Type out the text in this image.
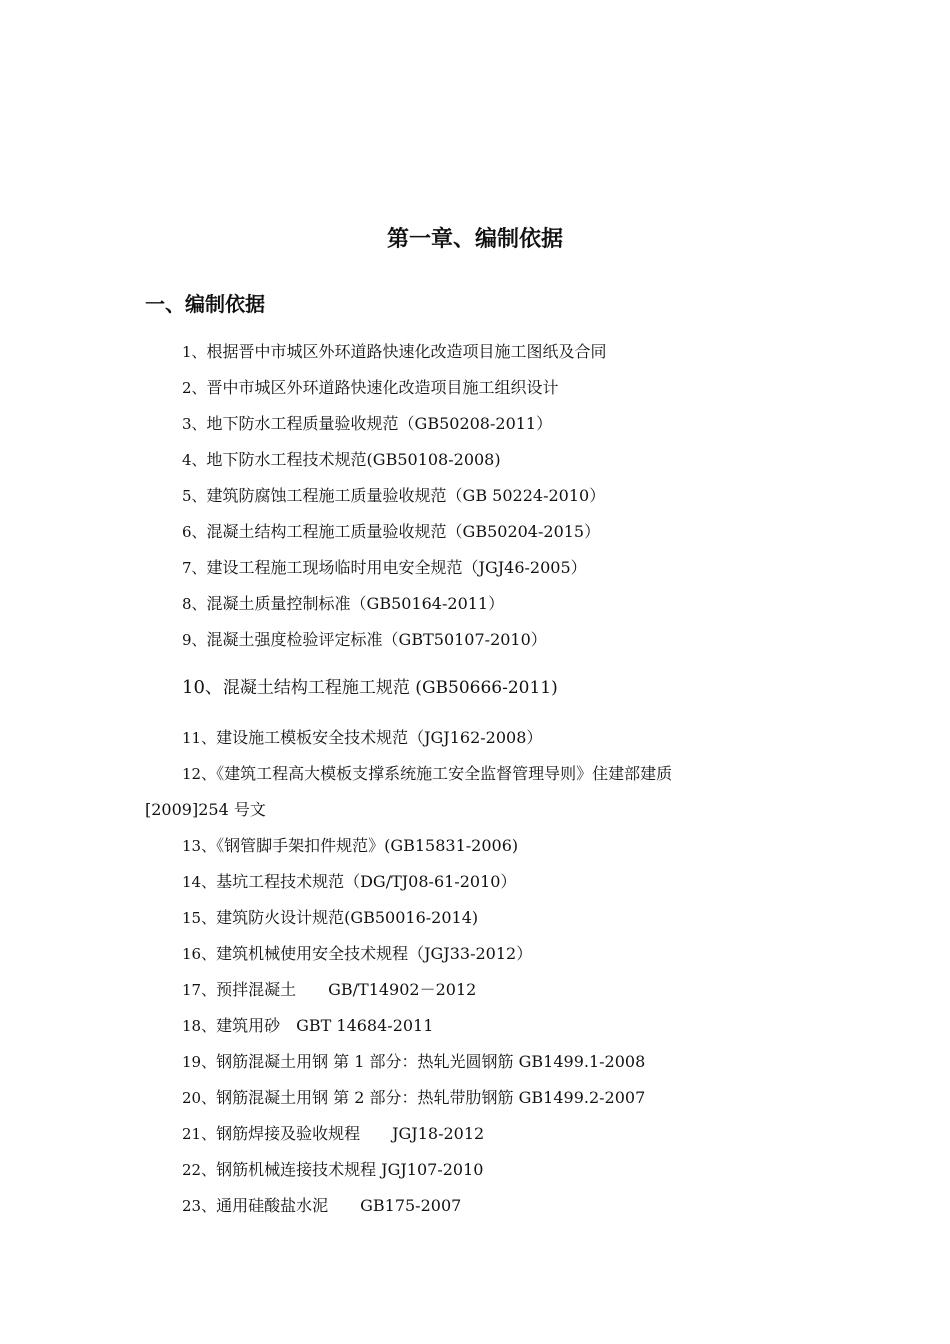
第一章、编制依据
一、编制依据
1、根据晋中市城区外环道路快速化改造项目施工图纸及合同
2、晋中市城区外环道路快速化改造项目施工组织设计
3、地下防水工程质量验收规范（GB50208-2011）
4、地下防水工程技术规范(GB50108-2008)
5、建筑防腐蚀工程施工质量验收规范（GB 50224-2010）
6、混凝土结构工程施工质量验收规范（GB50204-2015）
7、建设工程施工现场临时用电安全规范（JGJ46-2005）
8、混凝土质量控制标准（GB50164-2011）
9、混凝土强度检验评定标准（GBT50107-2010）
10、混凝土结构工程施工规范 (GB50666-2011)
11、建设施工模板安全技术规范（JGJ162-2008）
12、《建筑工程高大模板支撑系统施工安全监督管理导则》住建部建质
[2009]254 号文
13、《钢管脚手架扣件规范》(GB15831-2006)
14、基坑工程技术规范（DG/TJ08-61-2010）
15、建筑防火设计规范(GB50016-2014)
16、建筑机械使用安全技术规程（JGJ33-2012）
17、预拌混凝土　　GB/T14902－2012
18、建筑用砂　GBT 14684-2011
19、钢筋混凝土用钢 第 1 部分：热轧光圆钢筋 GB1499.1-2008
20、钢筋混凝土用钢 第 2 部分：热轧带肋钢筋 GB1499.2-2007
21、钢筋焊接及验收规程　　JGJ18-2012
22、钢筋机械连接技术规程 JGJ107-2010
23、通用硅酸盐水泥　　GB175-2007
